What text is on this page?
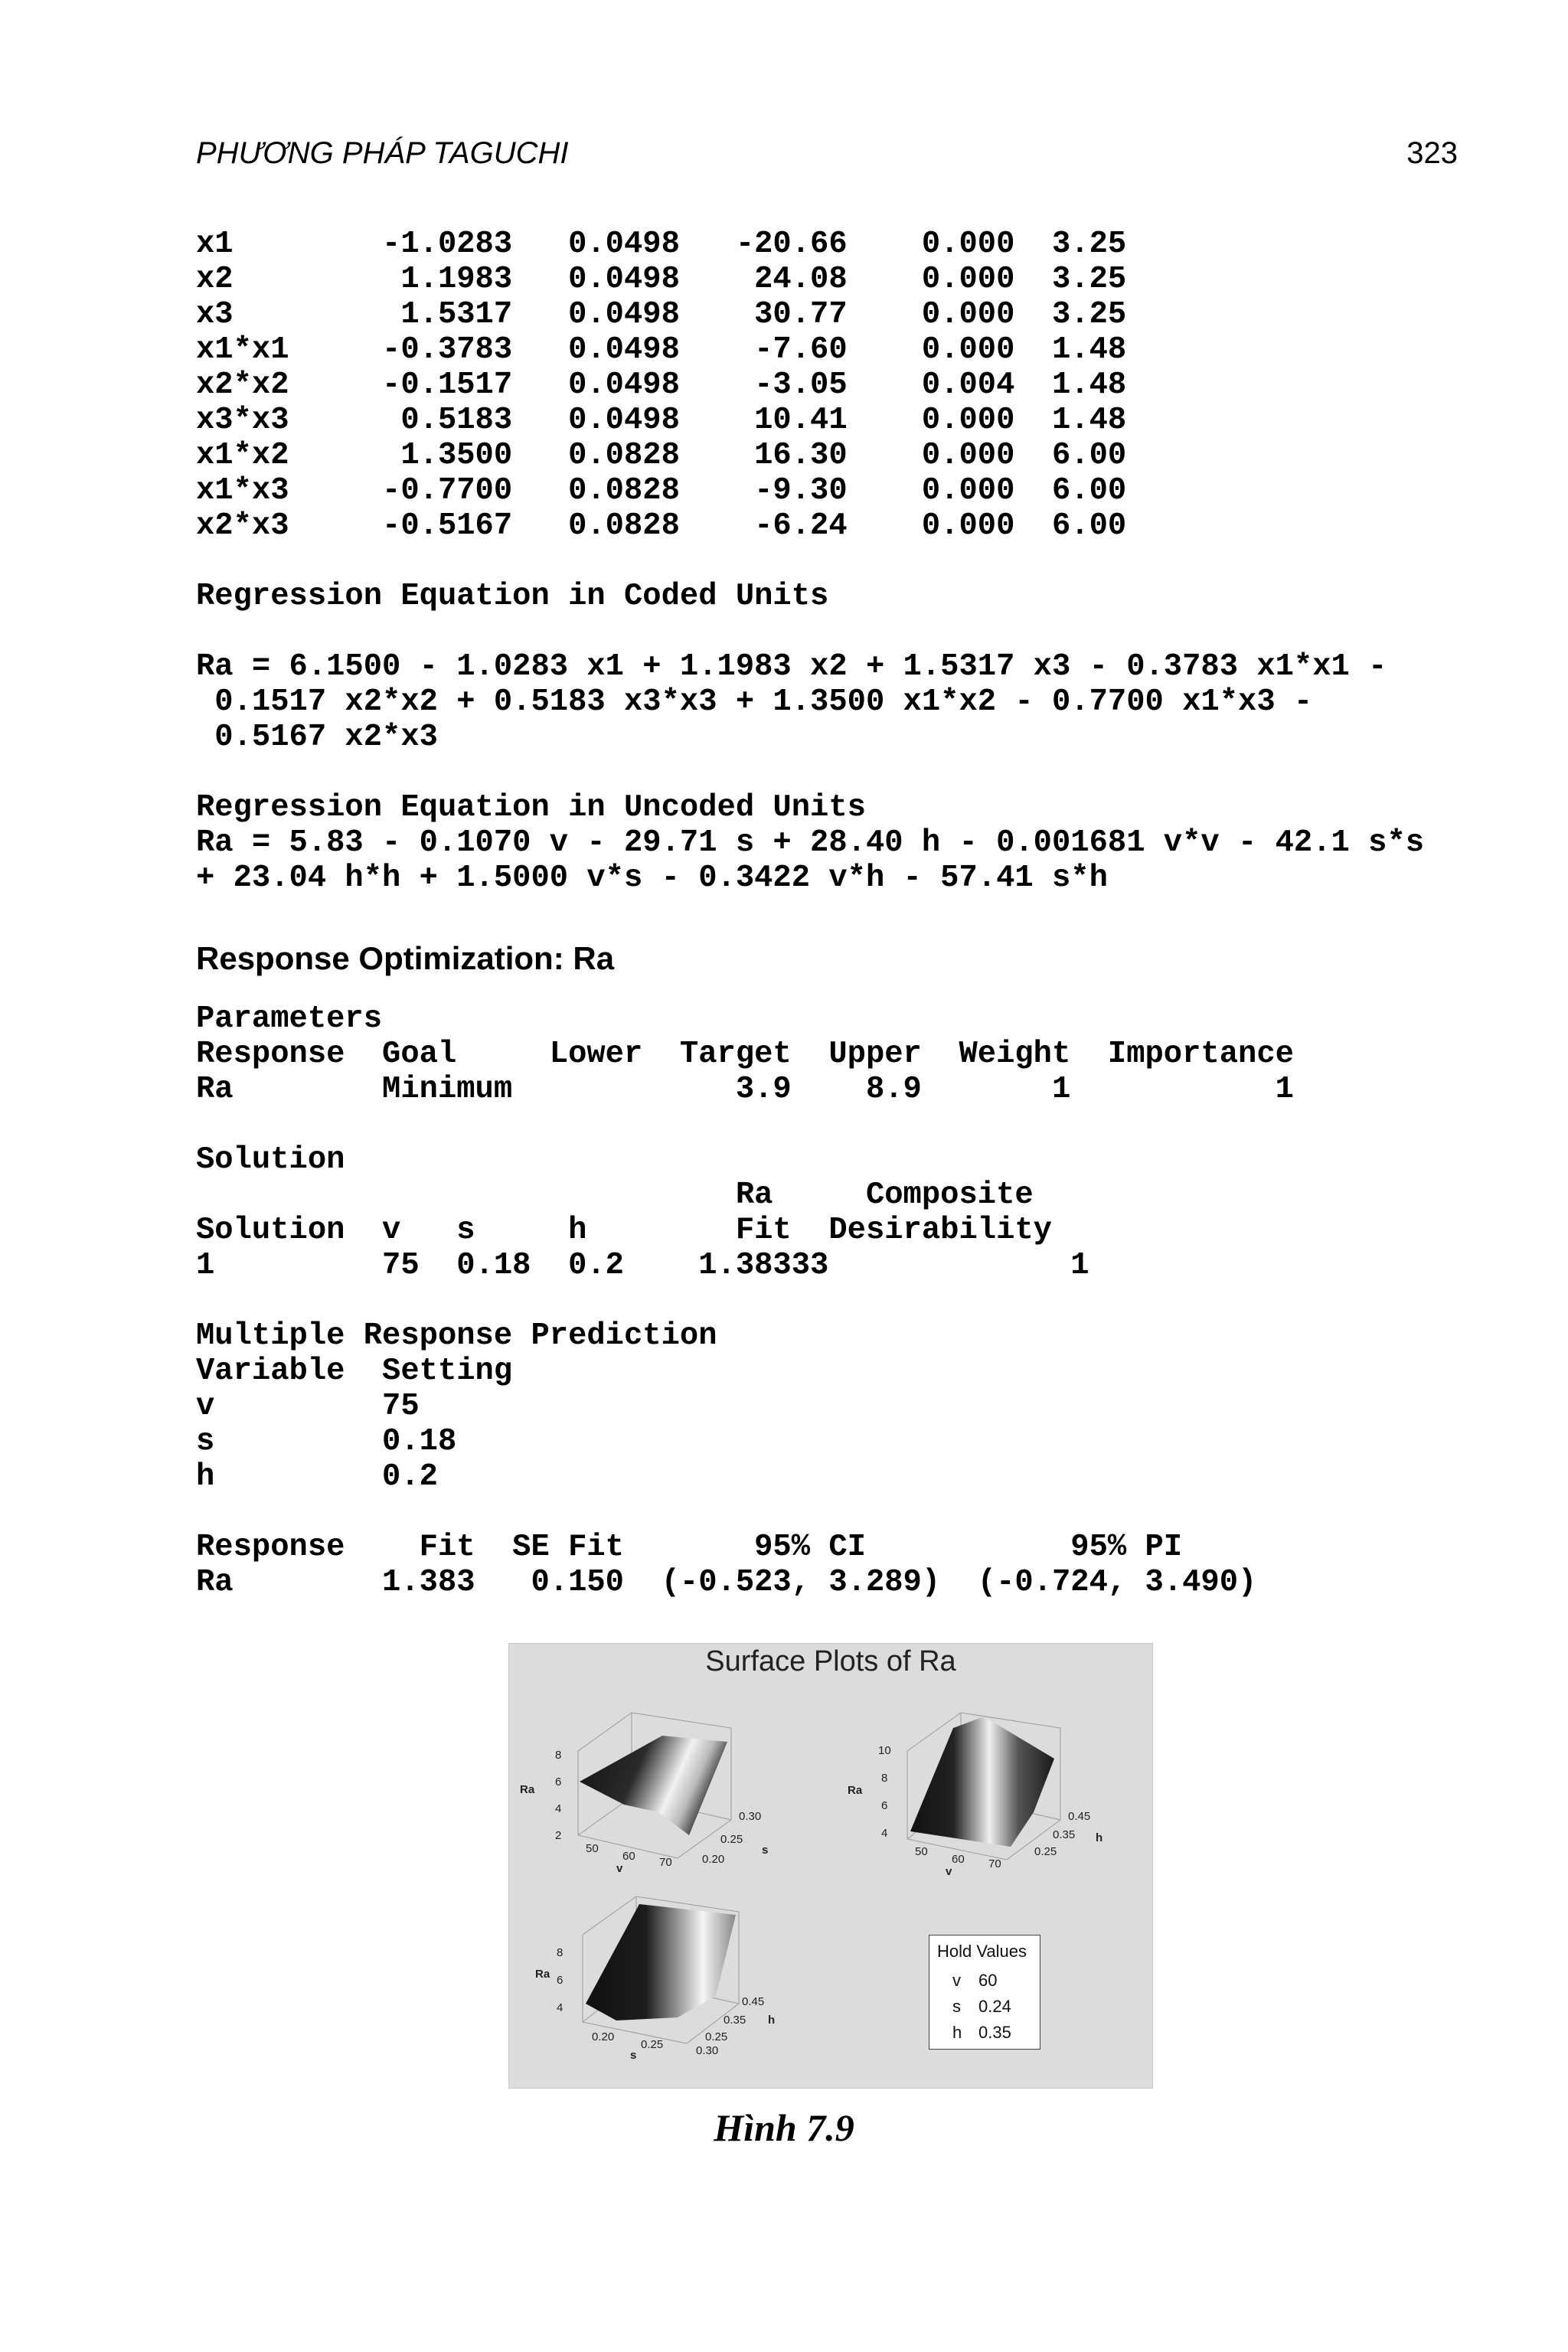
PHƯƠNG PHÁP TAGUCHI	323
x1        -1.0283   0.0498   -20.66    0.000  3.25
x2         1.1983   0.0498    24.08    0.000  3.25
x3         1.5317   0.0498    30.77    0.000  3.25
x1*x1     -0.3783   0.0498    -7.60    0.000  1.48
x2*x2     -0.1517   0.0498    -3.05    0.004  1.48
x3*x3      0.5183   0.0498    10.41    0.000  1.48
x1*x2      1.3500   0.0828    16.30    0.000  6.00
x1*x3     -0.7700   0.0828    -9.30    0.000  6.00
x2*x3     -0.5167   0.0828    -6.24    0.000  6.00
Regression Equation in Coded Units
Ra = 6.1500 - 1.0283 x1 + 1.1983 x2 + 1.5317 x3 - 0.3783 x1*x1 -
0.1517 x2*x2 + 0.5183 x3*x3 + 1.3500 x1*x2 - 0.7700 x1*x3 -
0.5167 x2*x3
Regression Equation in Uncoded Units
Ra = 5.83 - 0.1070 v - 29.71 s + 28.40 h - 0.001681 v*v - 42.1 s*s
+ 23.04 h*h + 1.5000 v*s - 0.3422 v*h - 57.41 s*h
Response Optimization: Ra
Parameters
Response  Goal     Lower  Target  Upper  Weight  Importance
Ra        Minimum            3.9    8.9       1           1
Solution
Ra     Composite
Solution  v   s     h        Fit  Desirability
1         75  0.18  0.2    1.38333             1
Multiple Response Prediction
Variable  Setting
v         75
s         0.18
h         0.2
Response    Fit  SE Fit       95% CI           95% PI
Ra        1.383   0.150  (-0.523, 3.289)  (-0.724, 3.490)
Surface Plots of Ra
8
6
4
2
Ra
50
60 70
v
0.30
0.25
0.20
s
10
8
6
4
Ra
50
60 70
v
0.45
0.35
0.25
h
8
6
4
Ra
0.20
0.25	0.30
s
0.45
0.35
0.25
h
Hold Values
v 60
s 0.24
h 0.35
Hình 7.9
